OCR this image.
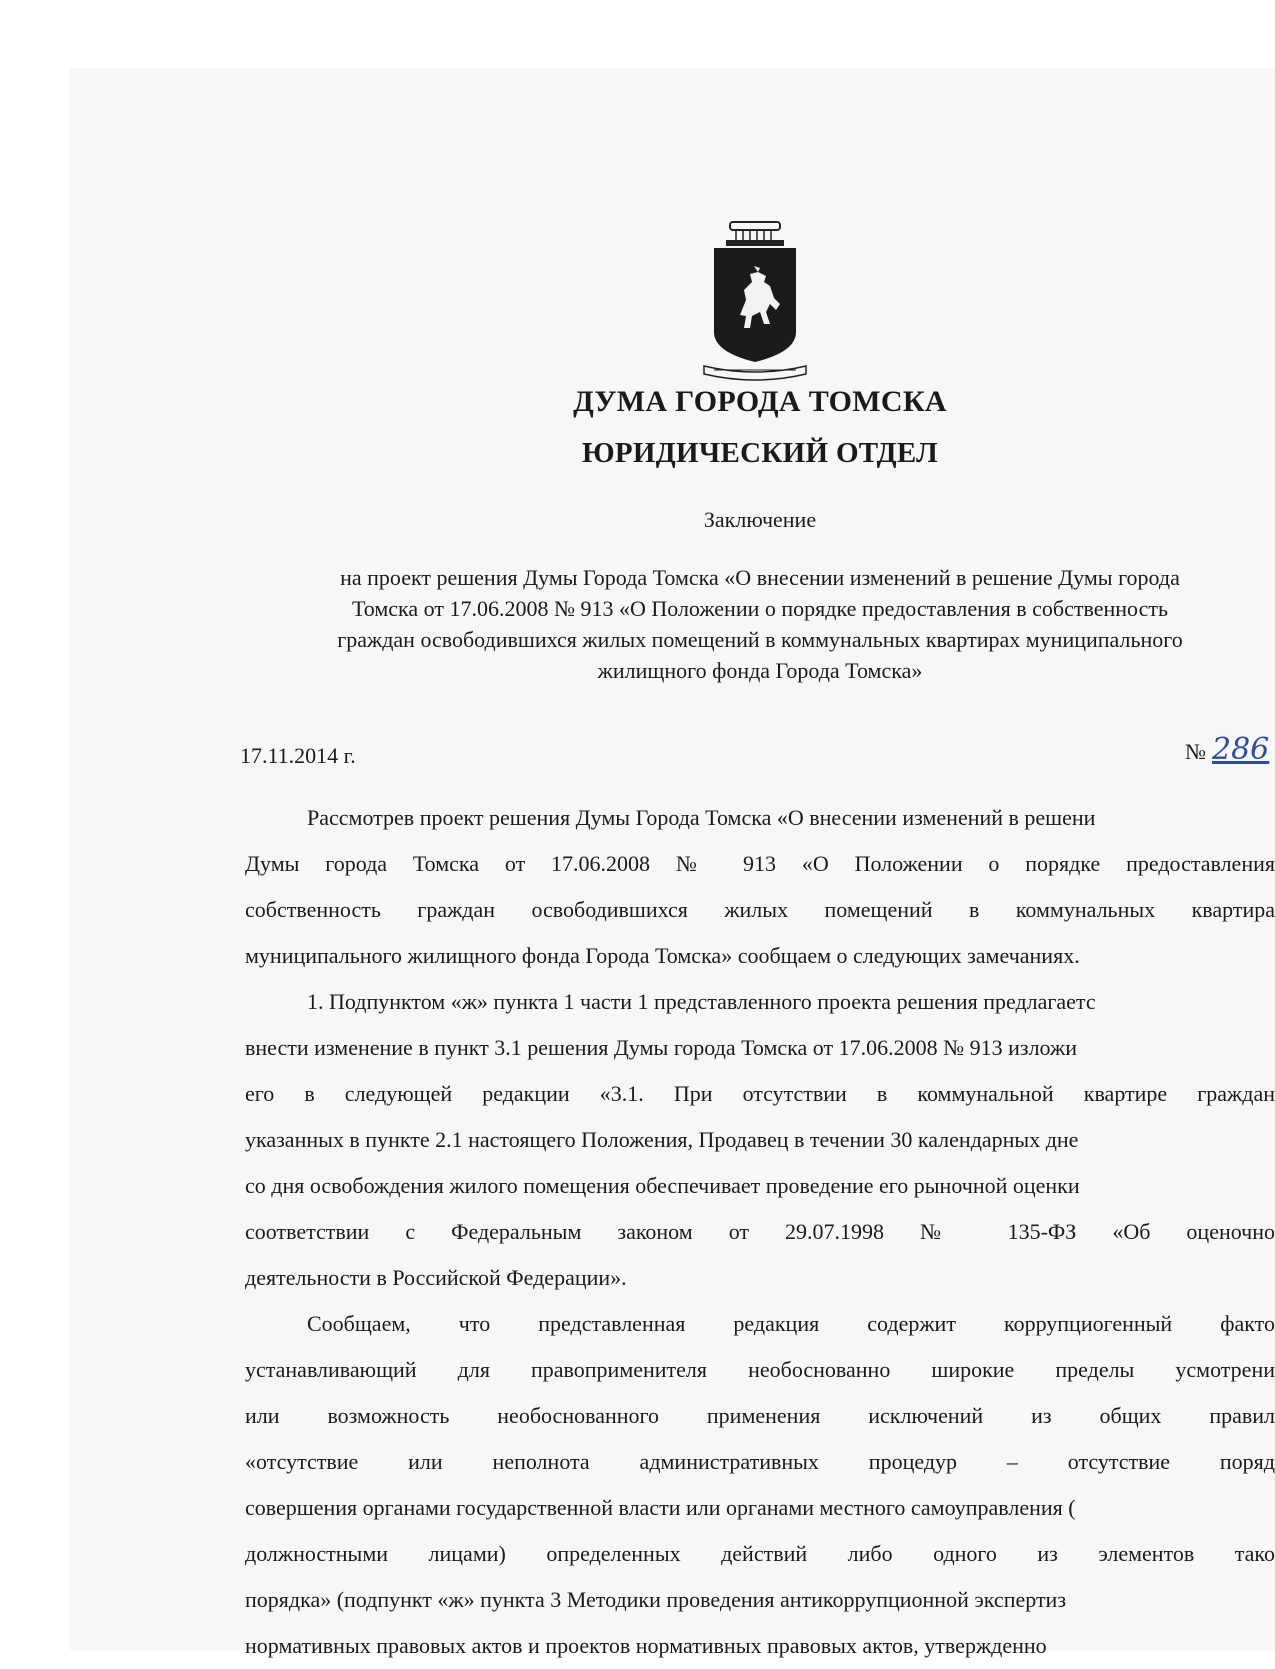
ДУМА ГОРОДА ТОМСКА
ЮРИДИЧЕСКИЙ ОТДЕЛ
Заключение
на проект решения Думы Города Томска «О внесении изменений в решение Думы города
Томска от 17.06.2008 № 913 «О Положении о порядке предоставления в собственность
граждан освободившихся жилых помещений в коммунальных квартирах муниципального
жилищного фонда Города Томска»
17.11.2014 г.	№ 286
Рассмотрев проект решения Думы Города Томска «О внесении изменений в решени
Думы города Томска от 17.06.2008 № 913 «О Положении о порядке предоставления
собственность граждан освободившихся жилых помещений в коммунальных квартира
муниципального жилищного фонда Города Томска» сообщаем о следующих замечаниях.
1. Подпунктом «ж» пункта 1 части 1 представленного проекта решения предлагаетс
внести изменение в пункт 3.1 решения Думы города Томска от 17.06.2008 № 913 изложи
его в следующей редакции «3.1. При отсутствии в коммунальной квартире граждан
указанных в пункте 2.1 настоящего Положения, Продавец в течении 30 календарных дне
со дня освобождения жилого помещения обеспечивает проведение его рыночной оценки
соответствии с Федеральным законом от 29.07.1998 № 135-ФЗ «Об оценочно
деятельности в Российской Федерации».
Сообщаем, что представленная редакция содержит коррупциогенный факто
устанавливающий для правоприменителя необоснованно широкие пределы усмотрени
или возможность необоснованного применения исключений из общих правил
«отсутствие или неполнота административных процедур – отсутствие поряд
совершения органами государственной власти или органами местного самоуправления (
должностными лицами) определенных действий либо одного из элементов тако
порядка» (подпункт «ж» пункта 3 Методики проведения антикоррупционной экспертиз
нормативных правовых актов и проектов нормативных правовых актов, утвержденно
